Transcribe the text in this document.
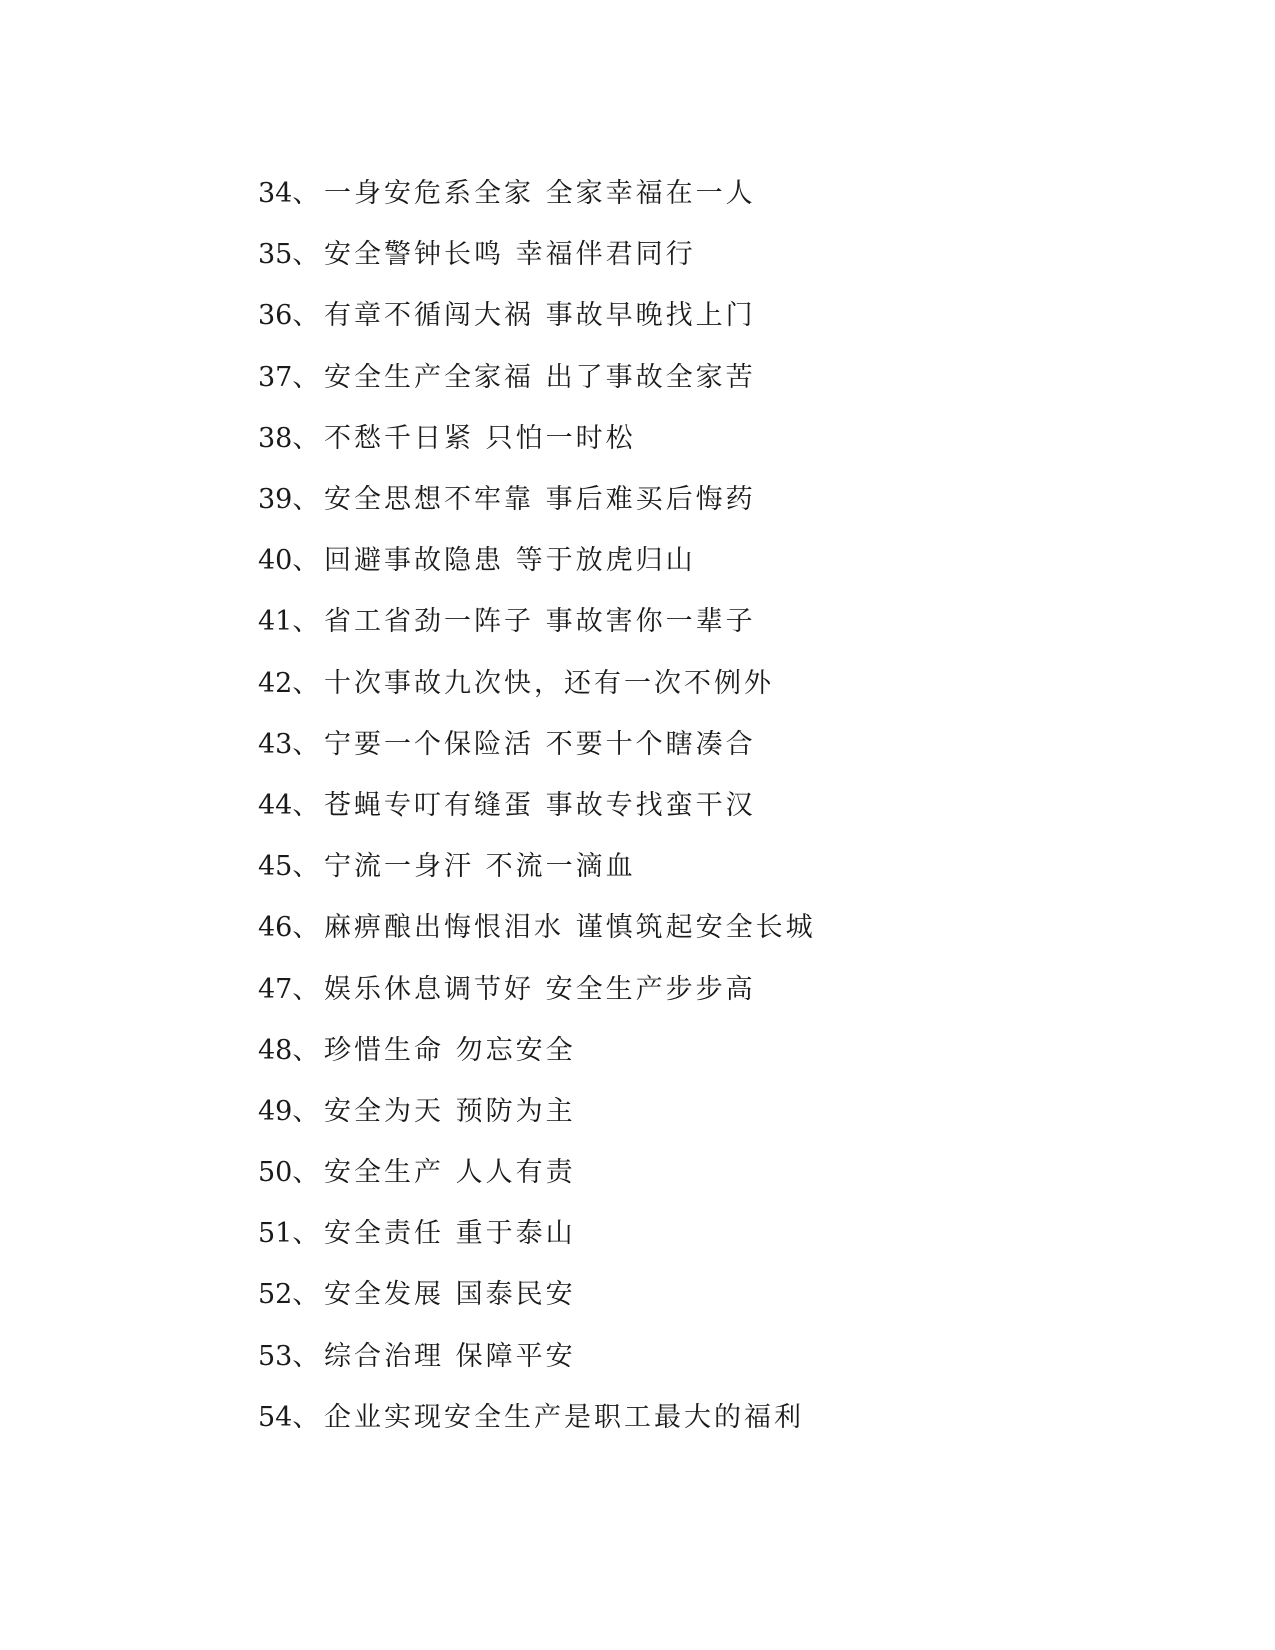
34、 一身安危系全家 全家幸福在一人
35、 安全警钟长鸣 幸福伴君同行
36、 有章不循闯大祸 事故早晚找上门
37、 安全生产全家福 出了事故全家苦
38、 不愁千日紧 只怕一时松
39、 安全思想不牢靠 事后难买后悔药
40、 回避事故隐患 等于放虎归山
41、 省工省劲一阵子 事故害你一辈子
42、 十次事故九次快，还有一次不例外
43、 宁要一个保险活 不要十个瞎凑合
44、 苍蝇专叮有缝蛋 事故专找蛮干汉
45、 宁流一身汗 不流一滴血
46、 麻痹酿出悔恨泪水 谨慎筑起安全长城
47、 娱乐休息调节好 安全生产步步高
48、 珍惜生命 勿忘安全
49、 安全为天 预防为主
50、 安全生产 人人有责
51、 安全责任 重于泰山
52、 安全发展 国泰民安
53、 综合治理 保障平安
54、 企业实现安全生产是职工最大的福利
